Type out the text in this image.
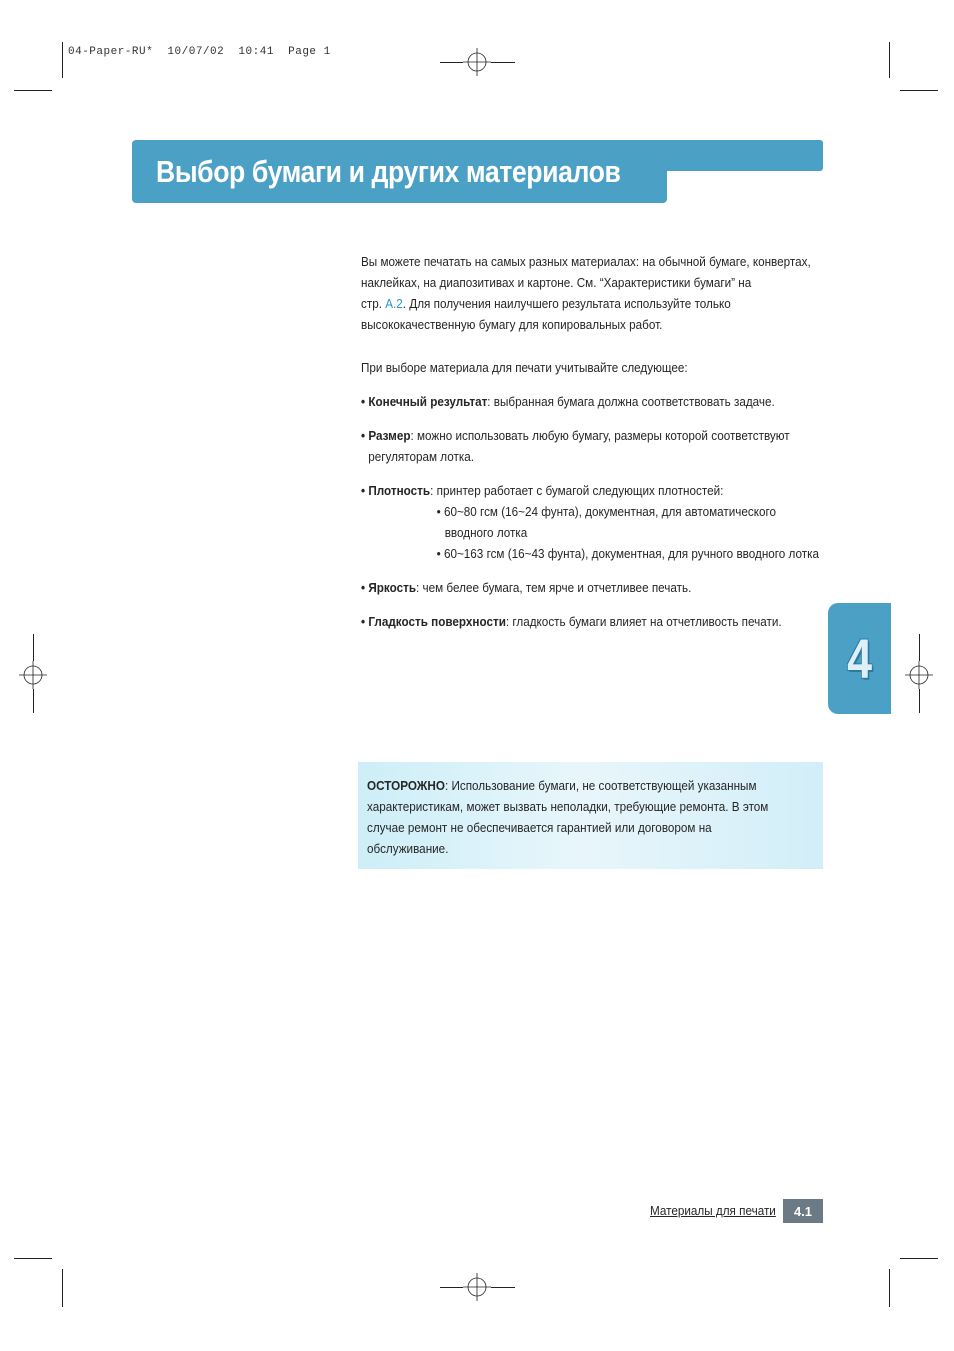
04-Paper-RU*  10/07/02  10:41  Page 1
Выбор бумаги и других материалов

Вы можете печатать на самых разных материалах: на обычной бумаге, конвертах,
наклейках, на диапозитивах и картоне. См. “Характеристики бумаги” на
стр. A.2. Для получения наилучшего результата используйте только
высококачественную бумагу для копировальных работ.

При выборе материала для печати учитывайте следующее:

• Конечный результат: выбранная бумага должна соответствовать задаче.
• Размер: можно использовать любую бумагу, размеры которой соответствуют
регуляторам лотка.
• Плотность: принтер работает с бумагой следующих плотностей:
• 60~80 гсм (16~24 фунта), документная, для автоматического
вводного лотка
• 60~163 гсм (16~43 фунта), документная, для ручного вводного лотка
• Яркость: чем белее бумага, тем ярче и отчетливее печать.
• Гладкость поверхности: гладкость бумаги влияет на отчетливость печати.
4
ОСТОРОЖНО: Использование бумаги, не соответствующей указанным
характеристикам, может вызвать неполадки, требующие ремонта. В этом
случае ремонт не обеспечивается гарантией или договором на
обслуживание.
Материалы для печати	4.1
